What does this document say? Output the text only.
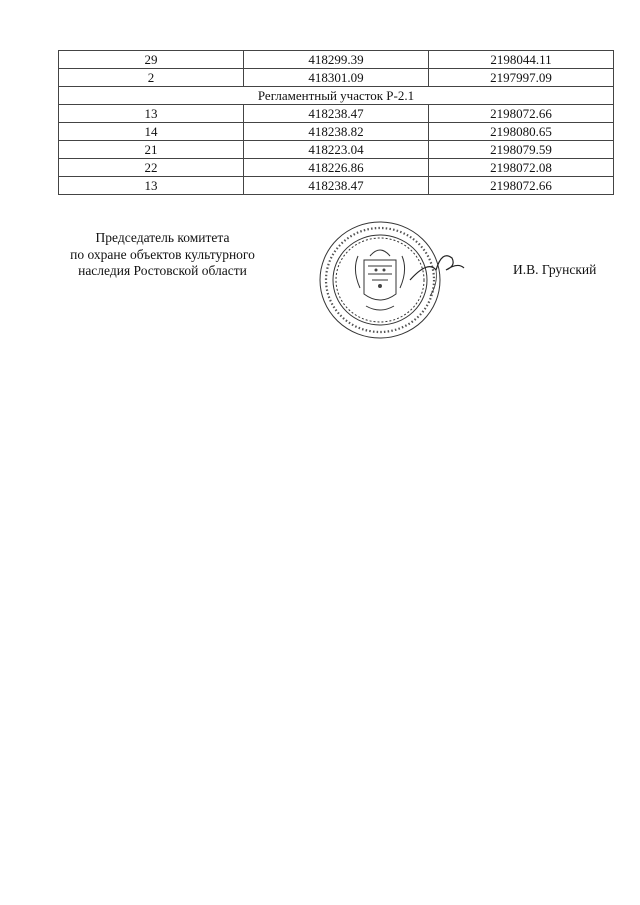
29	418299.39	2198044.11
2	418301.09	2197997.09
Регламентный участок Р-2.1		
13	418238.47	2198072.66
14	418238.82	2198080.65
21	418223.04	2198079.59
22	418226.86	2198072.08
13	418238.47	2198072.66
Председатель комитета
по охране объектов культурного
наследия Ростовской области	И.В. Грунский
